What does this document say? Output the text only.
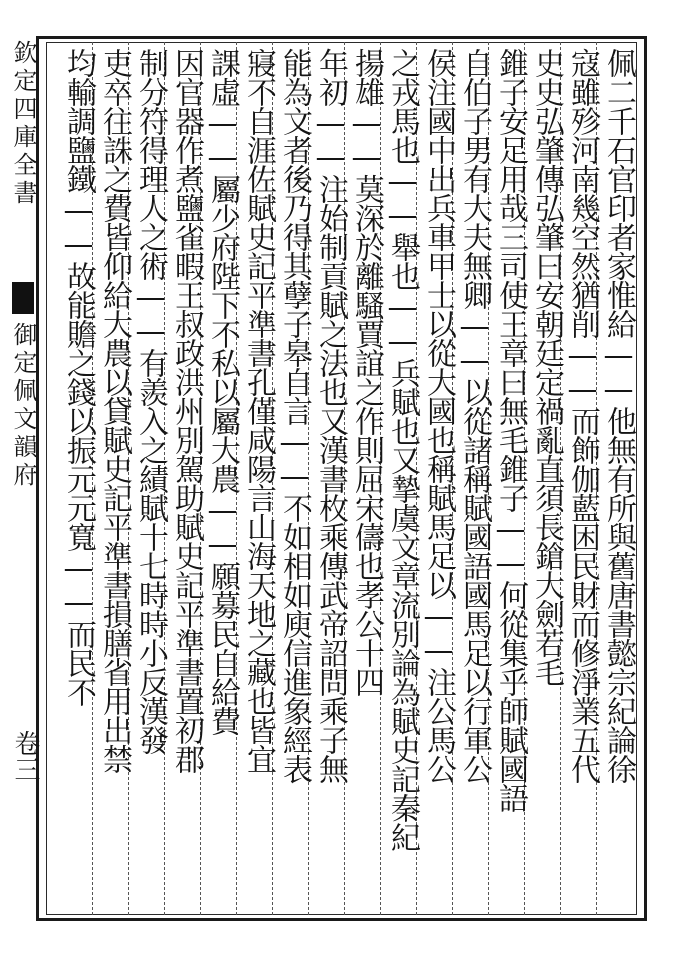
欽定四庫全書
御定佩文韻府
卷三	佩二千石官印者家惟給——他無有所與舊唐書懿宗紀論徐
寇雖殄河南幾空然猶削——而飾伽藍困民財而修淨業五代
史史弘肇傳弘肇曰安朝廷定禍亂直須長鎗大劍若毛
錐子安足用哉三司使王章曰無毛錐子——何從集乎師賦國語
自伯子男有大夫無卿——以從諸稱賦國語國馬足以行軍公
侯注國中出兵車甲士以從大國也稱賦馬足以——注公馬公
之戎馬也——舉也——兵賦也又摯虞文章流別論為賦史記秦紀
揚雄——莫深於離騷賈誼之作則屈宋儔也孝公十四
年初——注始制貢賦之法也又漢書枚乘傳武帝詔問乘子無
能為文者後乃得其孽子皋自言——不如相如庾信進象經表
寢不自涯佐賦史記平準書孔僅咸陽言山海天地之藏也皆宜
課虛——屬少府陛下不私以屬大農——願募民自給費
因官器作煮鹽雀暇王叔政洪州別駕助賦史記平準書置初郡
制分符得理人之術——有羨入之績賦十七時時小反漢發
吏卒往誅之費皆仰給大農以貸賦史記平準書損膳省用出禁
均輸調鹽鐵——故能贍之錢以振元元寬——而民不
